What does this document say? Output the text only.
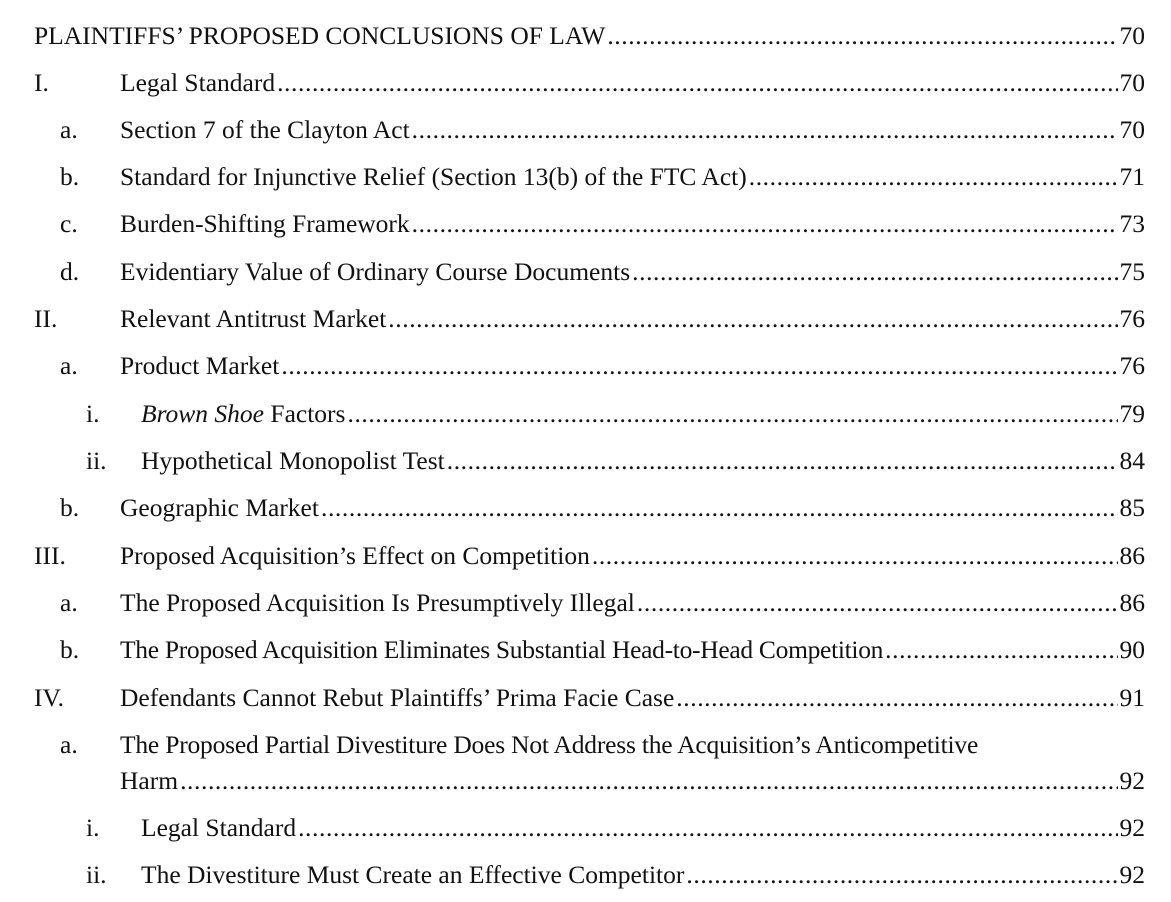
PLAINTIFFS’ PROPOSED CONCLUSIONS OF LAW .....	70
I.	Legal Standard .....	70
a. Section 7 of the Clayton Act .....	70
b. Standard for Injunctive Relief (Section 13(b) of the FTC Act) .....	71
c. Burden-Shifting Framework .....	73
d. Evidentiary Value of Ordinary Course Documents .....	75
II. Relevant Antitrust Market .....	76
a. Product Market .....	76
i. Brown Shoe Factors .....	79
ii. Hypothetical Monopolist Test .....	84
b. Geographic Market .....	85
III. Proposed Acquisition’s Effect on Competition .....	86
a. The Proposed Acquisition Is Presumptively Illegal .....	86
b. The Proposed Acquisition Eliminates Substantial Head-to-Head Competition .....	90
IV. Defendants Cannot Rebut Plaintiffs’ Prima Facie Case .....	91
a. The Proposed Partial Divestiture Does Not Address the Acquisition’s Anticompetitive
Harm .....	92
i. Legal Standard .....	92
ii. The Divestiture Must Create an Effective Competitor .....	92
